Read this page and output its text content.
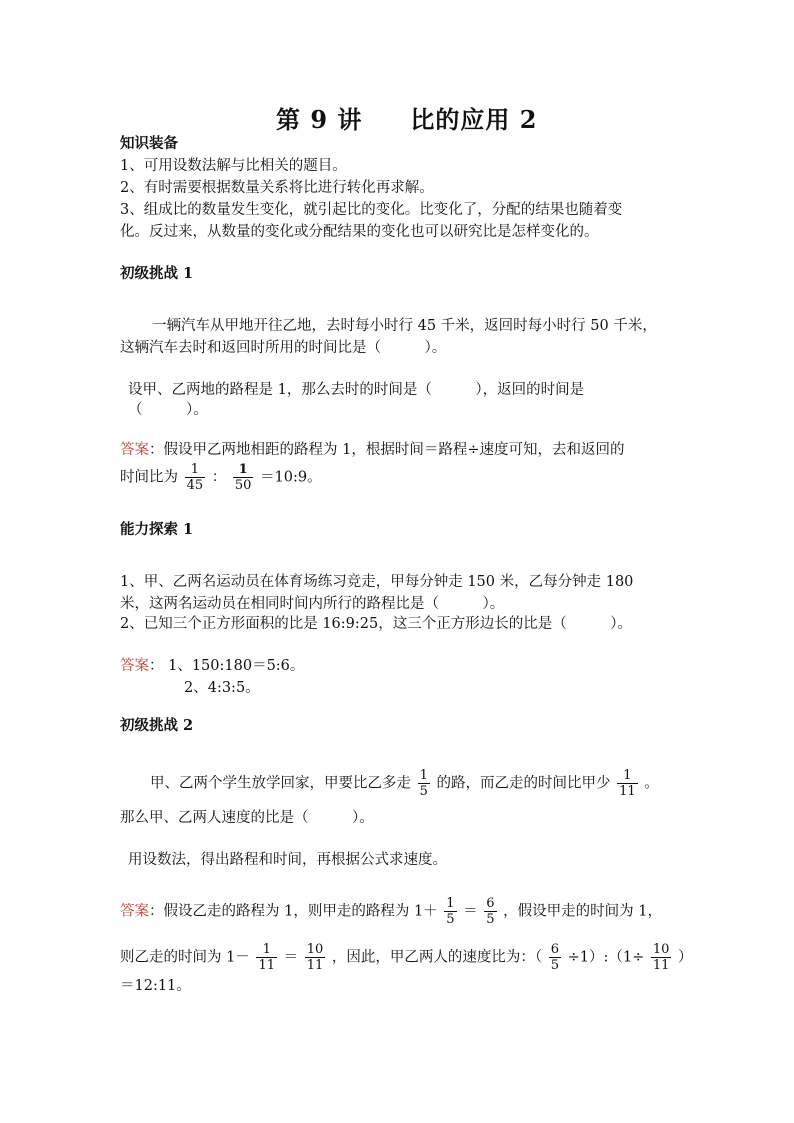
第 9 讲 比的应用 2
知识装备
1、可用设数法解与比相关的题目。
2、有时需要根据数量关系将比进行转化再求解。
3、组成比的数量发生变化，就引起比的变化。比变化了，分配的结果也随着变
化。反过来，从数量的变化或分配结果的变化也可以研究比是怎样变化的。
初级挑战 1
一辆汽车从甲地开往乙地，去时每小时行 45 千米，返回时每小时行 50 千米，
这辆汽车去时和返回时所用的时间比是（　　　）。
设甲、乙两地的路程是 1，那么去时的时间是（　　　），返回的时间是
（　　　）。
答案：假设甲乙两地相距的路程为 1，根据时间＝路程÷速度可知，去和返回的
时间比为 $\frac{1}{45}$ ： $\frac{1}{50}$ ＝10:9。
能力探索 1
1、甲、乙两名运动员在体育场练习竞走，甲每分钟走 150 米，乙每分钟走 180
米，这两名运动员在相同时间内所行的路程比是（　　　）。
2、已知三个正方形面积的比是 16:9:25，这三个正方形边长的比是（　　　）。
答案： 1、150:180＝5:6。
2、4:3:5。
初级挑战 2
甲、乙两个学生放学回家，甲要比乙多走 $\frac{1}{5}$ 的路，而乙走的时间比甲少 $\frac{1}{11}$ 。
那么甲、乙两人速度的比是（　　　）。
用设数法，得出路程和时间，再根据公式求速度。
答案：假设乙走的路程为 1，则甲走的路程为 $1+ \frac{1}{5} = \frac{6}{5}$ ，假设甲走的时间为 1，
则乙走的时间为 $1- \frac{1}{11} = \frac{10}{11}$ ，因此，甲乙两人的速度比为：（ $\frac{6}{5}$ ÷1）:（1÷ $\frac{10}{11}$ ）
＝12:11。
